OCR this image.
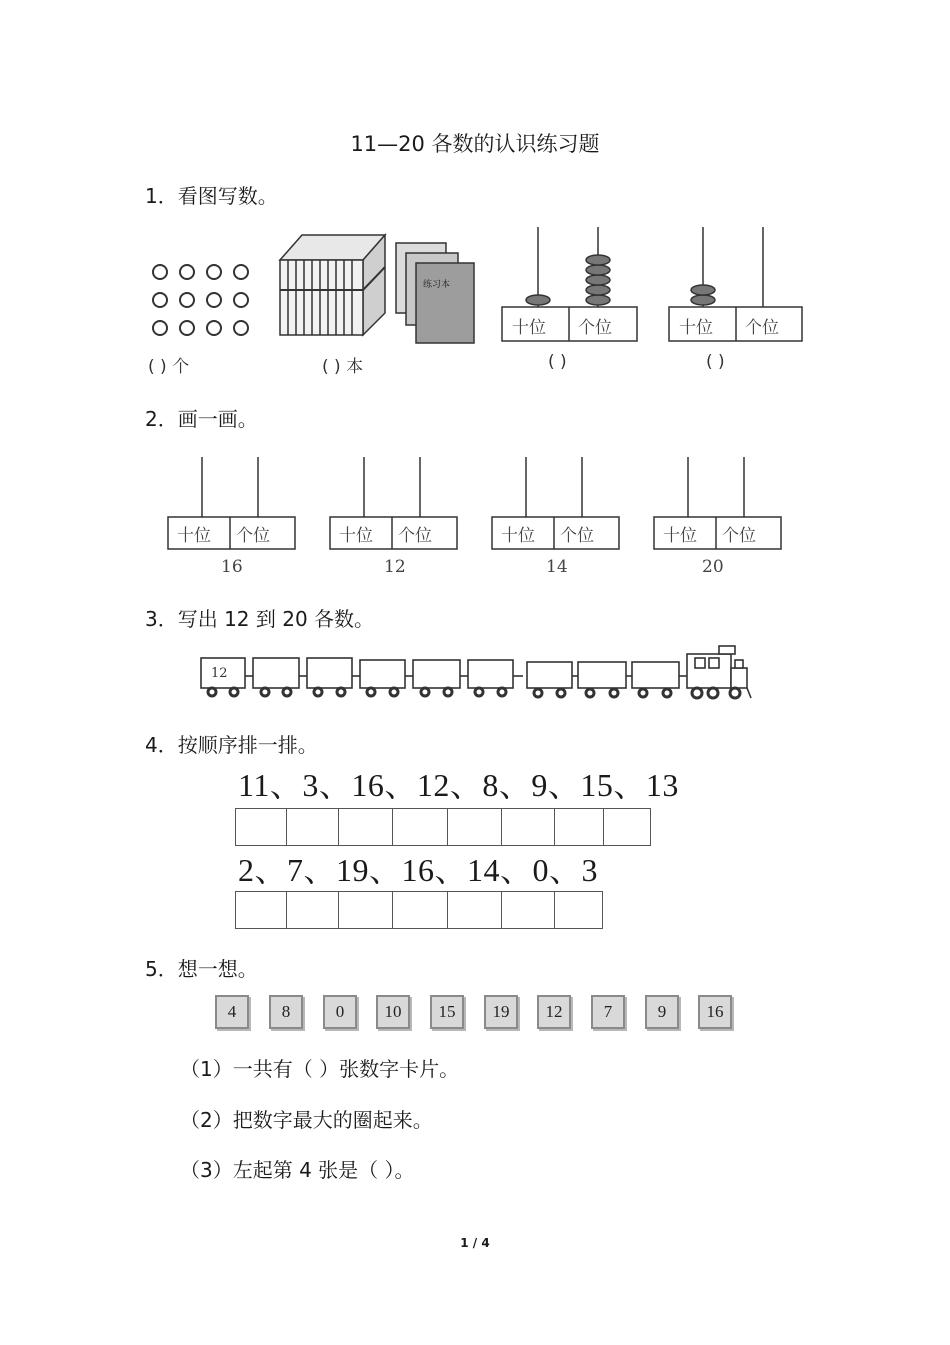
11—20 各数的认识练习题
1．看图写数。
练习本
十位 个位	十位 个位
( ) 个	( ) 本	( )	( )
2．画一画。
十位 个位	十位 个位	十位 个位	十位 个位
16	12	14	20
3．写出 12 到 20 各数。
12
4．按顺序排一排。
11、3、16、12、8、9、15、13
2、7、19、16、14、0、3
5．想一想。
4	8	0	10	15	19	12	7	9	16
（1）一共有（ ）张数字卡片。
（2）把数字最大的圈起来。
（3）左起第 4 张是（ ）。
1 / 4
